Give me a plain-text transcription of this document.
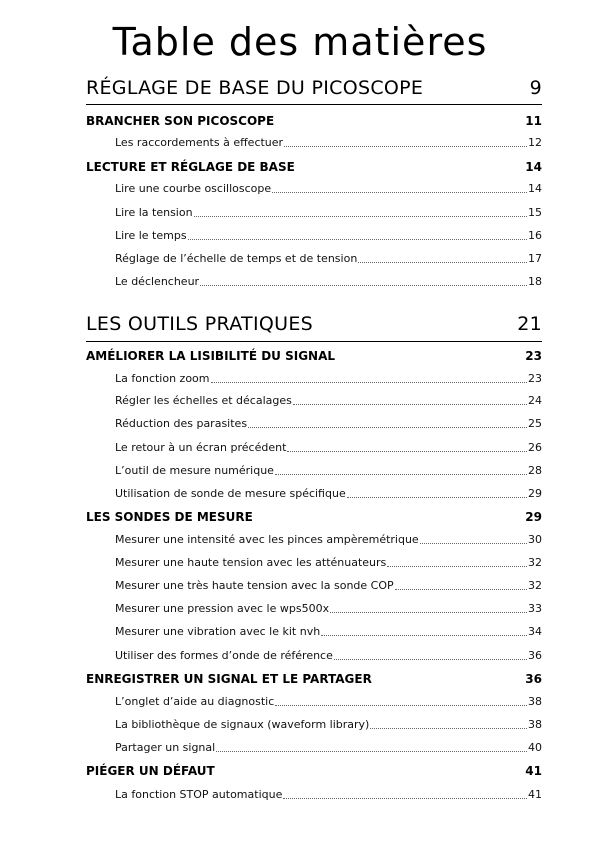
Table des matières
RÉGLAGE DE BASE DU PICOSCOPE	9
BRANCHER SON PICOSCOPE	11
Les raccordements à effectuer	12
LECTURE ET RÉGLAGE DE BASE	14
Lire une courbe oscilloscope	14
Lire la tension	15
Lire le temps	16
Réglage de l’échelle de temps et de tension	17
Le déclencheur	18
LES OUTILS PRATIQUES	21
AMÉLIORER LA LISIBILITÉ DU SIGNAL	23
La fonction zoom	23
Régler les échelles et décalages	24
Réduction des parasites	25
Le retour à un écran précédent	26
L’outil de mesure numérique	28
Utilisation de sonde de mesure spécifique	29
LES SONDES DE MESURE	29
Mesurer une intensité avec les pinces ampèremétrique	30
Mesurer une haute tension avec les atténuateurs	32
Mesurer une très haute tension avec la sonde COP	32
Mesurer une pression avec le wps500x	33
Mesurer une vibration avec le kit nvh	34
Utiliser des formes d’onde de référence	36
ENREGISTRER UN SIGNAL ET LE PARTAGER	36
L’onglet d’aide au diagnostic	38
La bibliothèque de signaux (waveform library)	38
Partager un signal	40
PIÉGER UN DÉFAUT	41
La fonction STOP automatique	41
